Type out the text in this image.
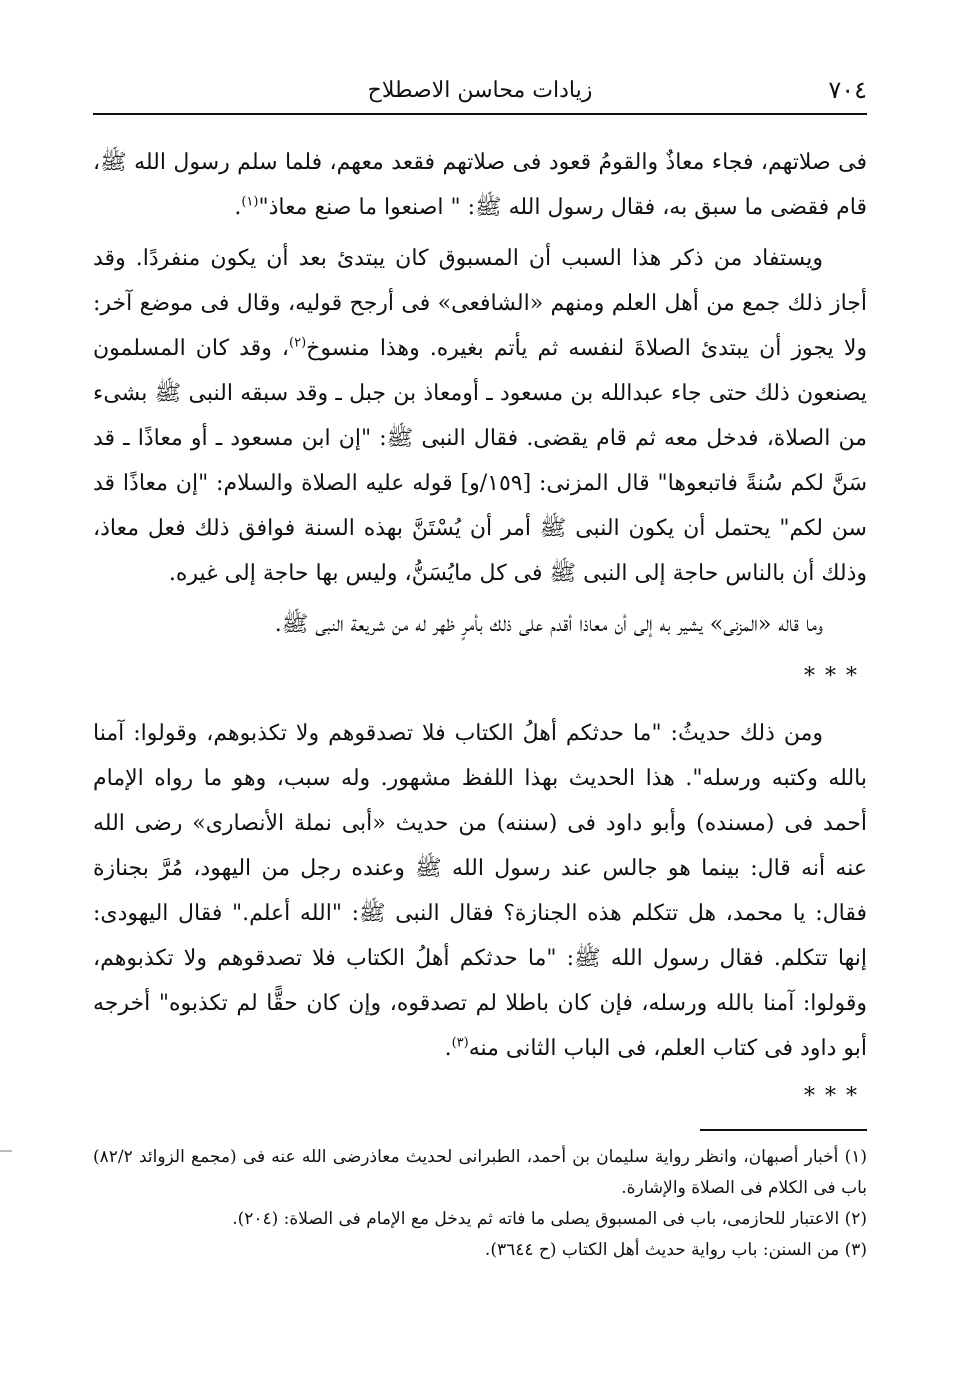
زيادات محاسن الاصطلاح	٧٠٤

فى صلاتهم، فجاء معاذٌ والقومُ قعود فى صلاتهم فقعد معهم، فلما سلم رسول الله ﷺ، قام فقضى ما سبق به، فقال رسول الله ﷺ: " اصنعوا ما صنع معاذ"$^{(١)}$.

ويستفاد من ذكر هذا السبب أن المسبوق كان يبتدئ بعد أن يكون منفردًا. وقد أجاز ذلك جمع من أهل العلم ومنهم «الشافعى» فى أرجح قوليه، وقال فى موضع آخر: ولا يجوز أن يبتدئ الصلاةَ لنفسه ثم يأتم بغيره. وهذا منسوخ$^{(٢)}$، وقد كان المسلمون يصنعون ذلك حتى جاء عبدالله بن مسعود ـ أومعاذ بن جبل ـ وقد سبقه النبى ﷺ بشىء من الصلاة، فدخل معه ثم قام يقضى. فقال النبى ﷺ: "إن ابن مسعود ـ أو معاذًا ـ قد سَنَّ لكم سُنةً فاتبعوها" قال المزنى: [١٥٩/و] قوله عليه الصلاة والسلام: "إن معاذًا قد سن لكم" يحتمل أن يكون النبى ﷺ أمر أن يُسْتَنَّ بهذه السنة فوافق ذلك فعل معاذ، وذلك أن بالناس حاجة إلى النبى ﷺ فى كل مايُسَنُّ، وليس بها حاجة إلى غيره.

وما قاله «المزنى» يشير به إلى أن معاذا أقدم على ذلك بأمرٍ ظهر له من شريعة النبى ﷺ.

***

ومن ذلك حديثُ: "ما حدثكم أهلُ الكتاب فلا تصدقوهم ولا تكذبوهم، وقولوا: آمنا بالله وكتبه ورسله". هذا الحديث بهذا اللفظ مشهور. وله سبب، وهو ما رواه الإمام أحمد فى (مسنده) وأبو داود فى (سننه) من حديث «أبى نملة الأنصارى» رضى الله عنه أنه قال: بينما هو جالس عند رسول الله ﷺ وعنده رجل من اليهود، مُرَّ بجنازة فقال: يا محمد، هل تتكلم هذه الجنازة؟ فقال النبى ﷺ: "الله أعلم." فقال اليهودى: إنها تتكلم. فقال رسول الله ﷺ: "ما حدثكم أهلُ الكتاب فلا تصدقوهم ولا تكذبوهم، وقولوا: آمنا بالله ورسله، فإن كان باطلا لم تصدقوه، وإن كان حقًّا لم تكذبوه" أخرجه أبو داود فى كتاب العلم، فى الباب الثانى منه$^{(٣)}$.

***

(١) أخبار أصبهان، وانظر رواية سليمان بن أحمد، الطبرانى لحديث معاذرضى الله عنه فى (مجمع الزوائد ٨٢/٢) باب فى الكلام فى الصلاة والإشارة.

(٢) الاعتبار للحازمى، باب فى المسبوق يصلى ما فاته ثم يدخل مع الإمام فى الصلاة: (٢٠٤).

(٣) من السنن: باب رواية حديث أهل الكتاب (ح ٣٦٤٤).
